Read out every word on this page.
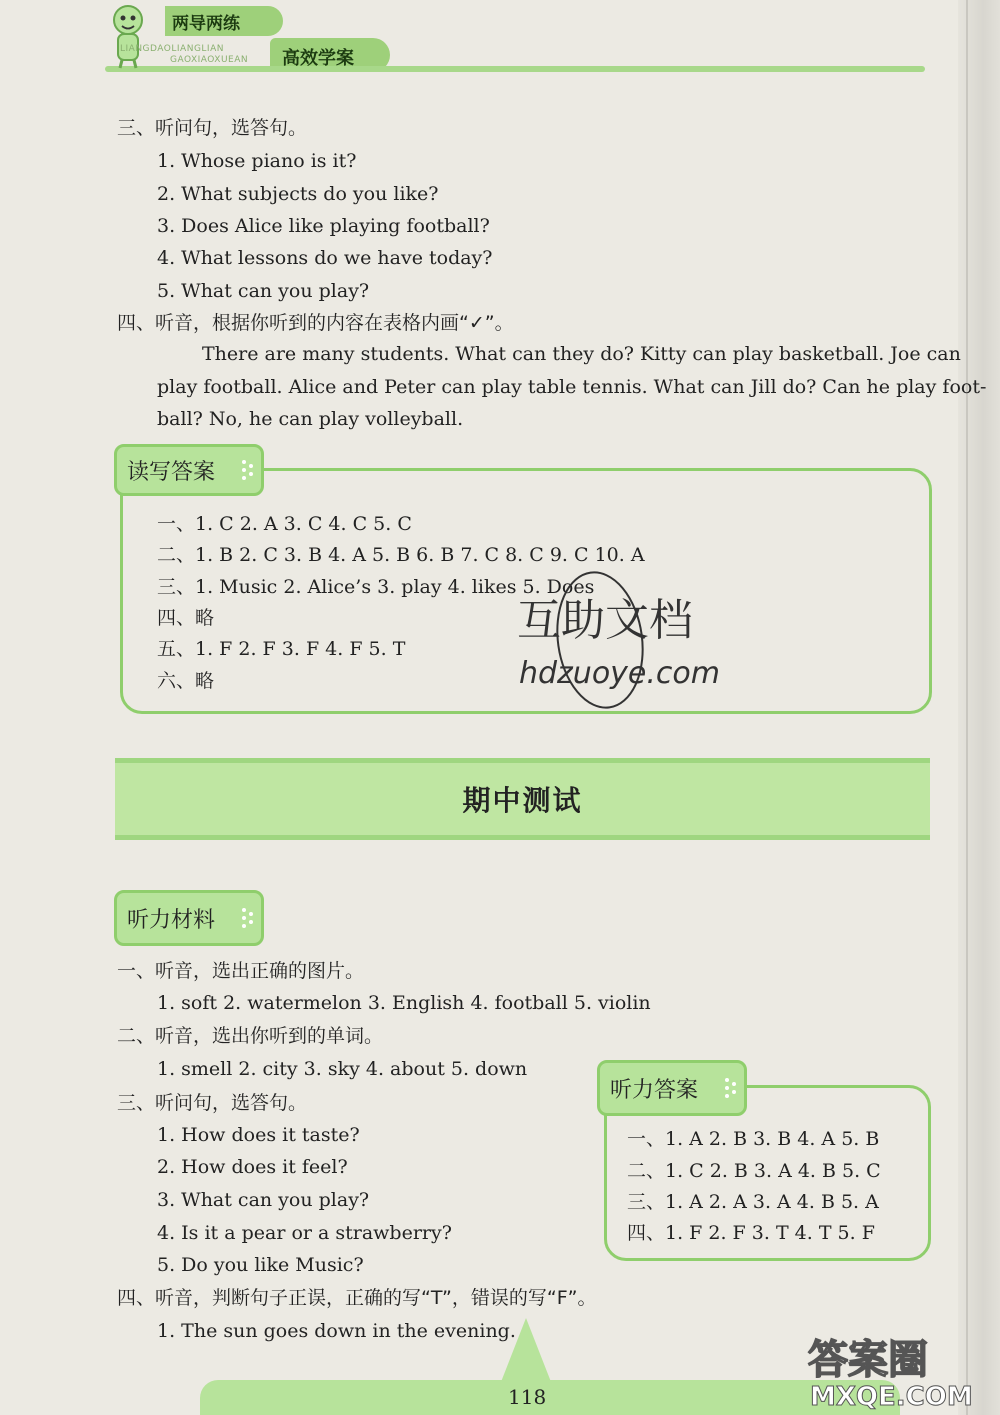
两导两练
高效学案
LIANGDAOLIANGLIAN
GAOXIAOXUEAN
三、听问句，选答句。
1. Whose piano is it?
2. What subjects do you like?
3. Does Alice like playing football?
4. What lessons do we have today?
5. What can you play?
四、听音，根据你听到的内容在表格内画“✓”。
There are many students. What can they do? Kitty can play basketball. Joe can
play football. Alice and Peter can play table tennis. What can Jill do? Can he play foot-
ball? No, he can play volleyball.
读写答案
一、1. C 2. A 3. C 4. C 5. C
二、1. B 2. C 3. B 4. A 5. B 6. B 7. C 8. C 9. C 10. A
三、1. Music 2. Alice’s 3. play 4. likes 5. Does
四、略
五、1. F 2. F 3. F 4. F 5. T
六、略
互助文档
hdzuoye.com
期中测试
听力材料
一、听音，选出正确的图片。
1. soft 2. watermelon 3. English 4. football 5. violin
二、听音，选出你听到的单词。
1. smell 2. city 3. sky 4. about 5. down
三、听问句，选答句。
1. How does it taste?
2. How does it feel?
3. What can you play?
4. Is it a pear or a strawberry?
5. Do you like Music?
四、听音，判断句子正误，正确的写“T”，错误的写“F”。
1. The sun goes down in the evening.
听力答案
一、1. A 2. B 3. B 4. A 5. B
二、1. C 2. B 3. A 4. B 5. C
三、1. A 2. A 3. A 4. B 5. A
四、1. F 2. F 3. T 4. T 5. F
118
答案圈
MXQE.COM
